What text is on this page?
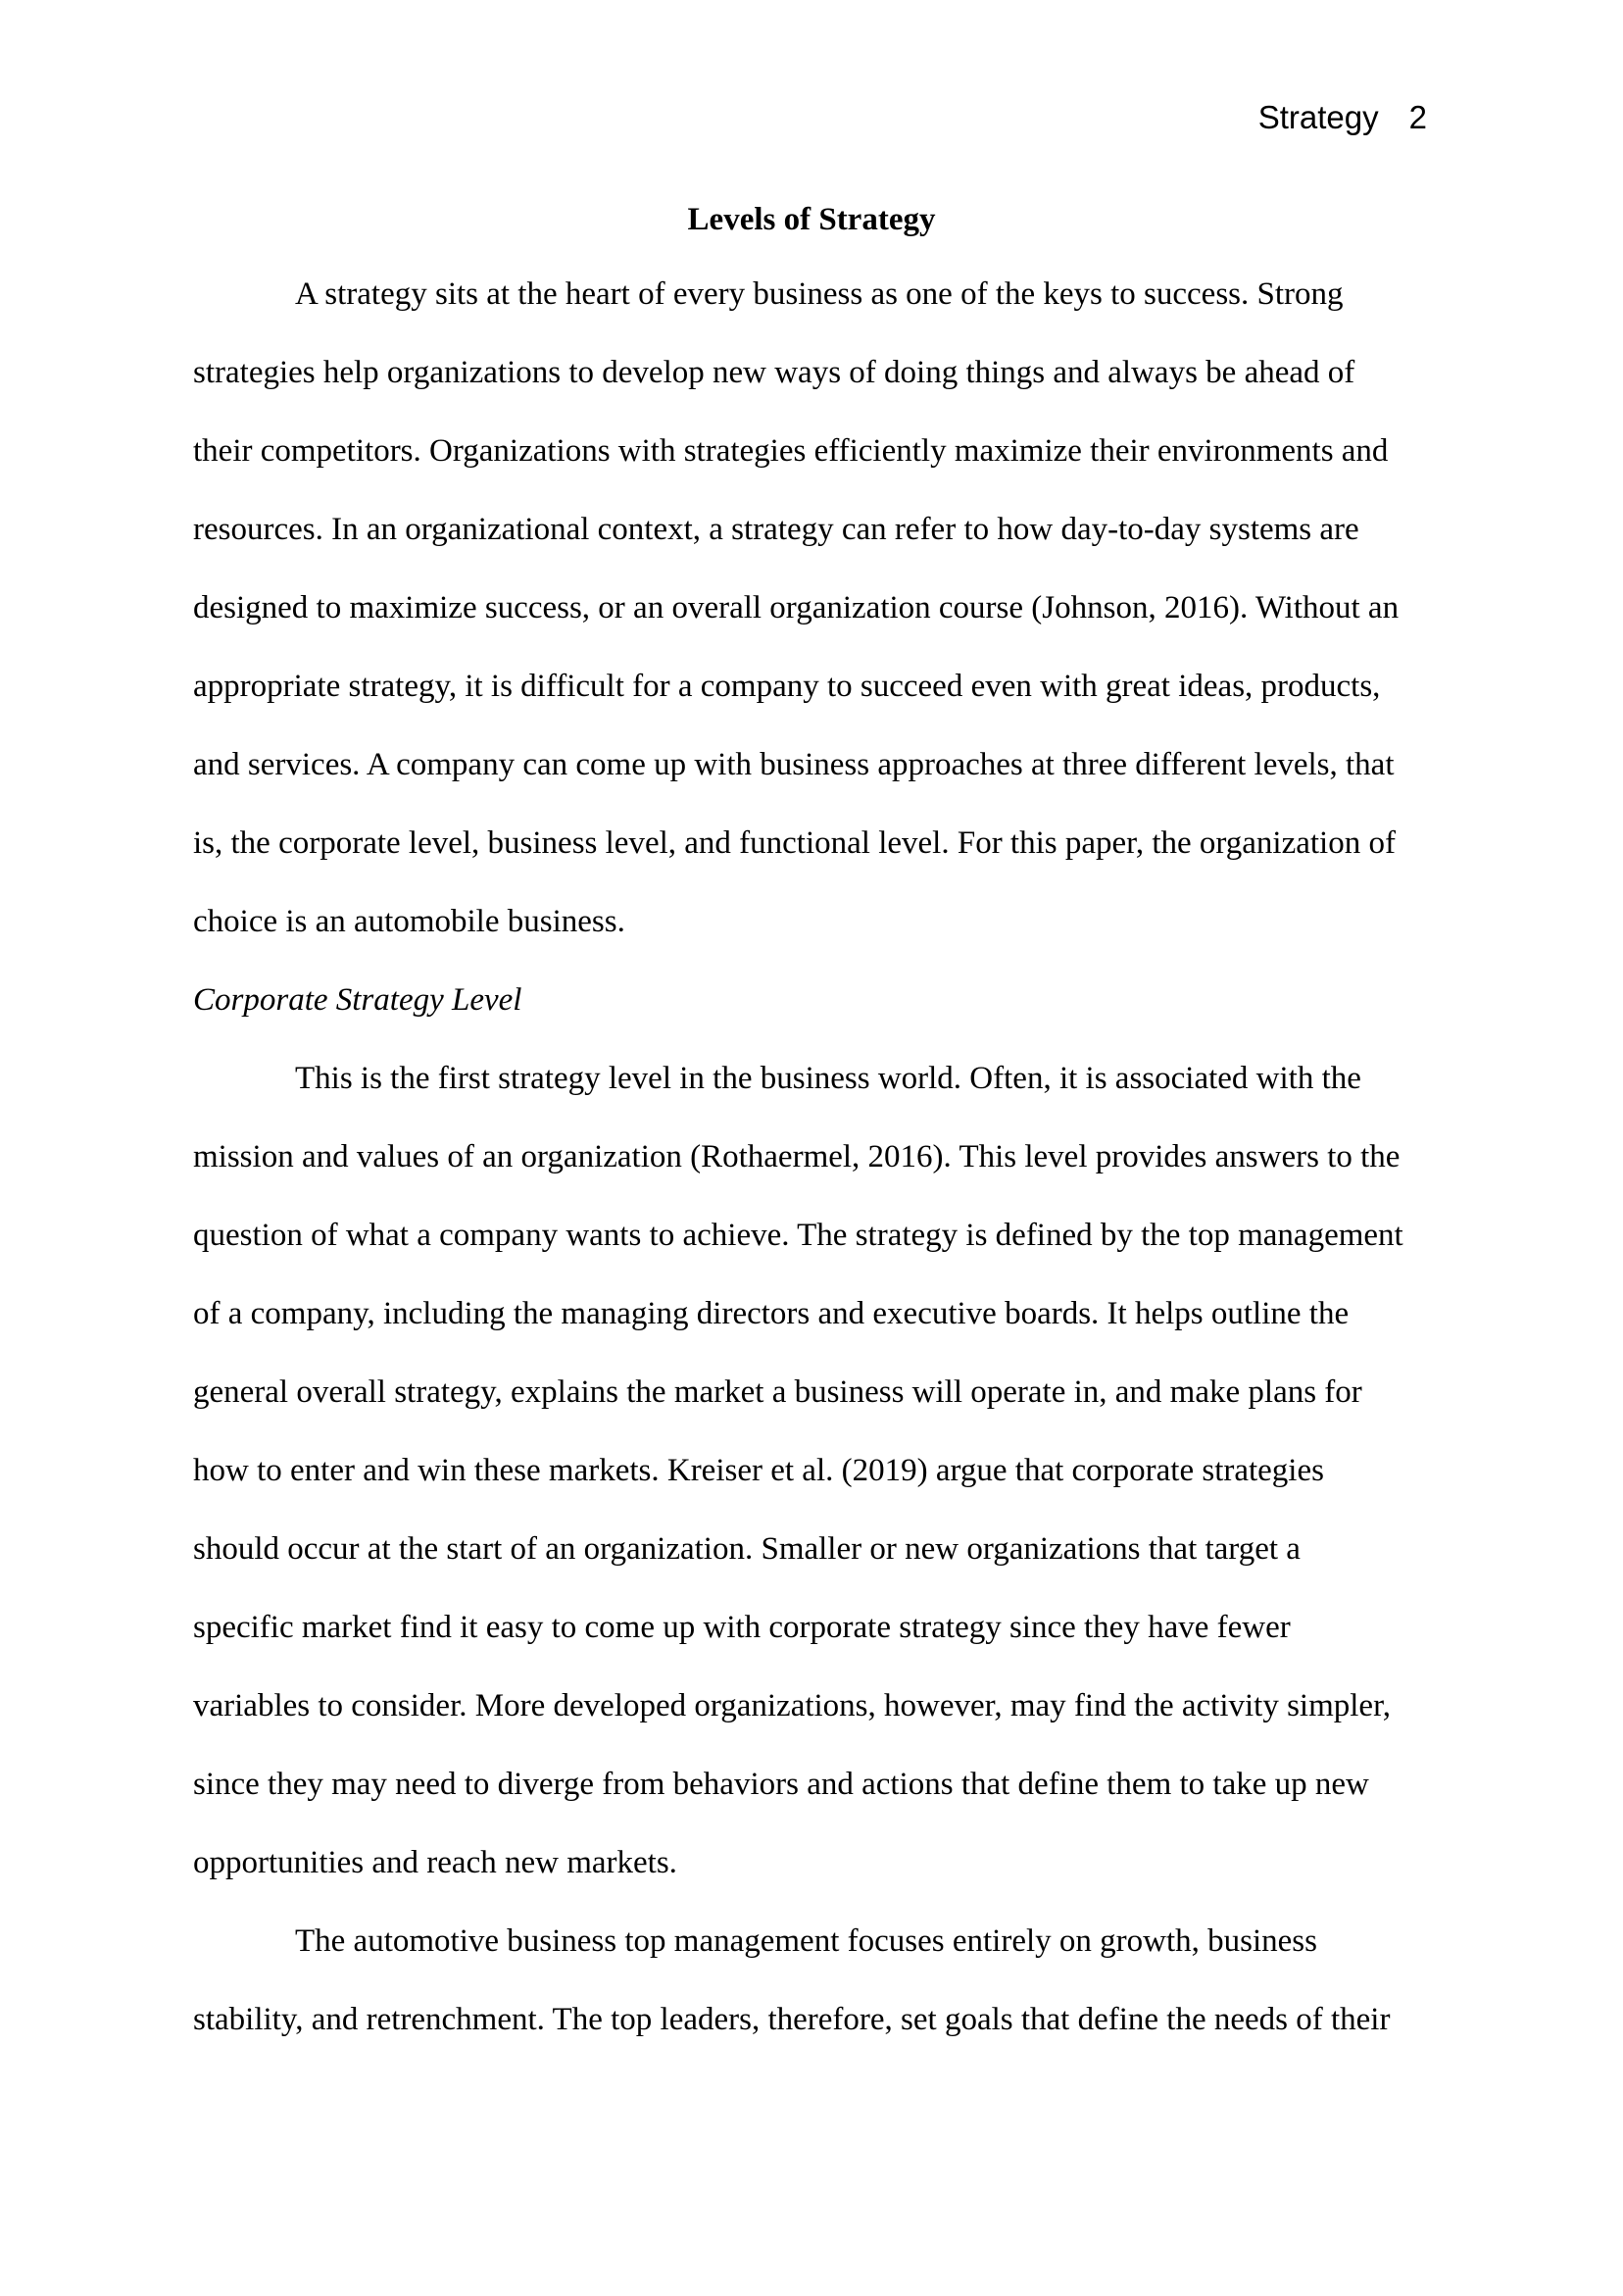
Strategy 2
Levels of Strategy
A strategy sits at the heart of every business as one of the keys to success. Strong
strategies help organizations to develop new ways of doing things and always be ahead of
their competitors. Organizations with strategies efficiently maximize their environments and
resources. In an organizational context, a strategy can refer to how day-to-day systems are
designed to maximize success, or an overall organization course (Johnson, 2016). Without an
appropriate strategy, it is difficult for a company to succeed even with great ideas, products,
and services. A company can come up with business approaches at three different levels, that
is, the corporate level, business level, and functional level. For this paper, the organization of
choice is an automobile business.
Corporate Strategy Level
This is the first strategy level in the business world. Often, it is associated with the
mission and values of an organization (Rothaermel, 2016). This level provides answers to the
question of what a company wants to achieve. The strategy is defined by the top management
of a company, including the managing directors and executive boards. It helps outline the
general overall strategy, explains the market a business will operate in, and make plans for
how to enter and win these markets. Kreiser et al. (2019) argue that corporate strategies
should occur at the start of an organization. Smaller or new organizations that target a
specific market find it easy to come up with corporate strategy since they have fewer
variables to consider. More developed organizations, however, may find the activity simpler,
since they may need to diverge from behaviors and actions that define them to take up new
opportunities and reach new markets.
The automotive business top management focuses entirely on growth, business
stability, and retrenchment. The top leaders, therefore, set goals that define the needs of their
